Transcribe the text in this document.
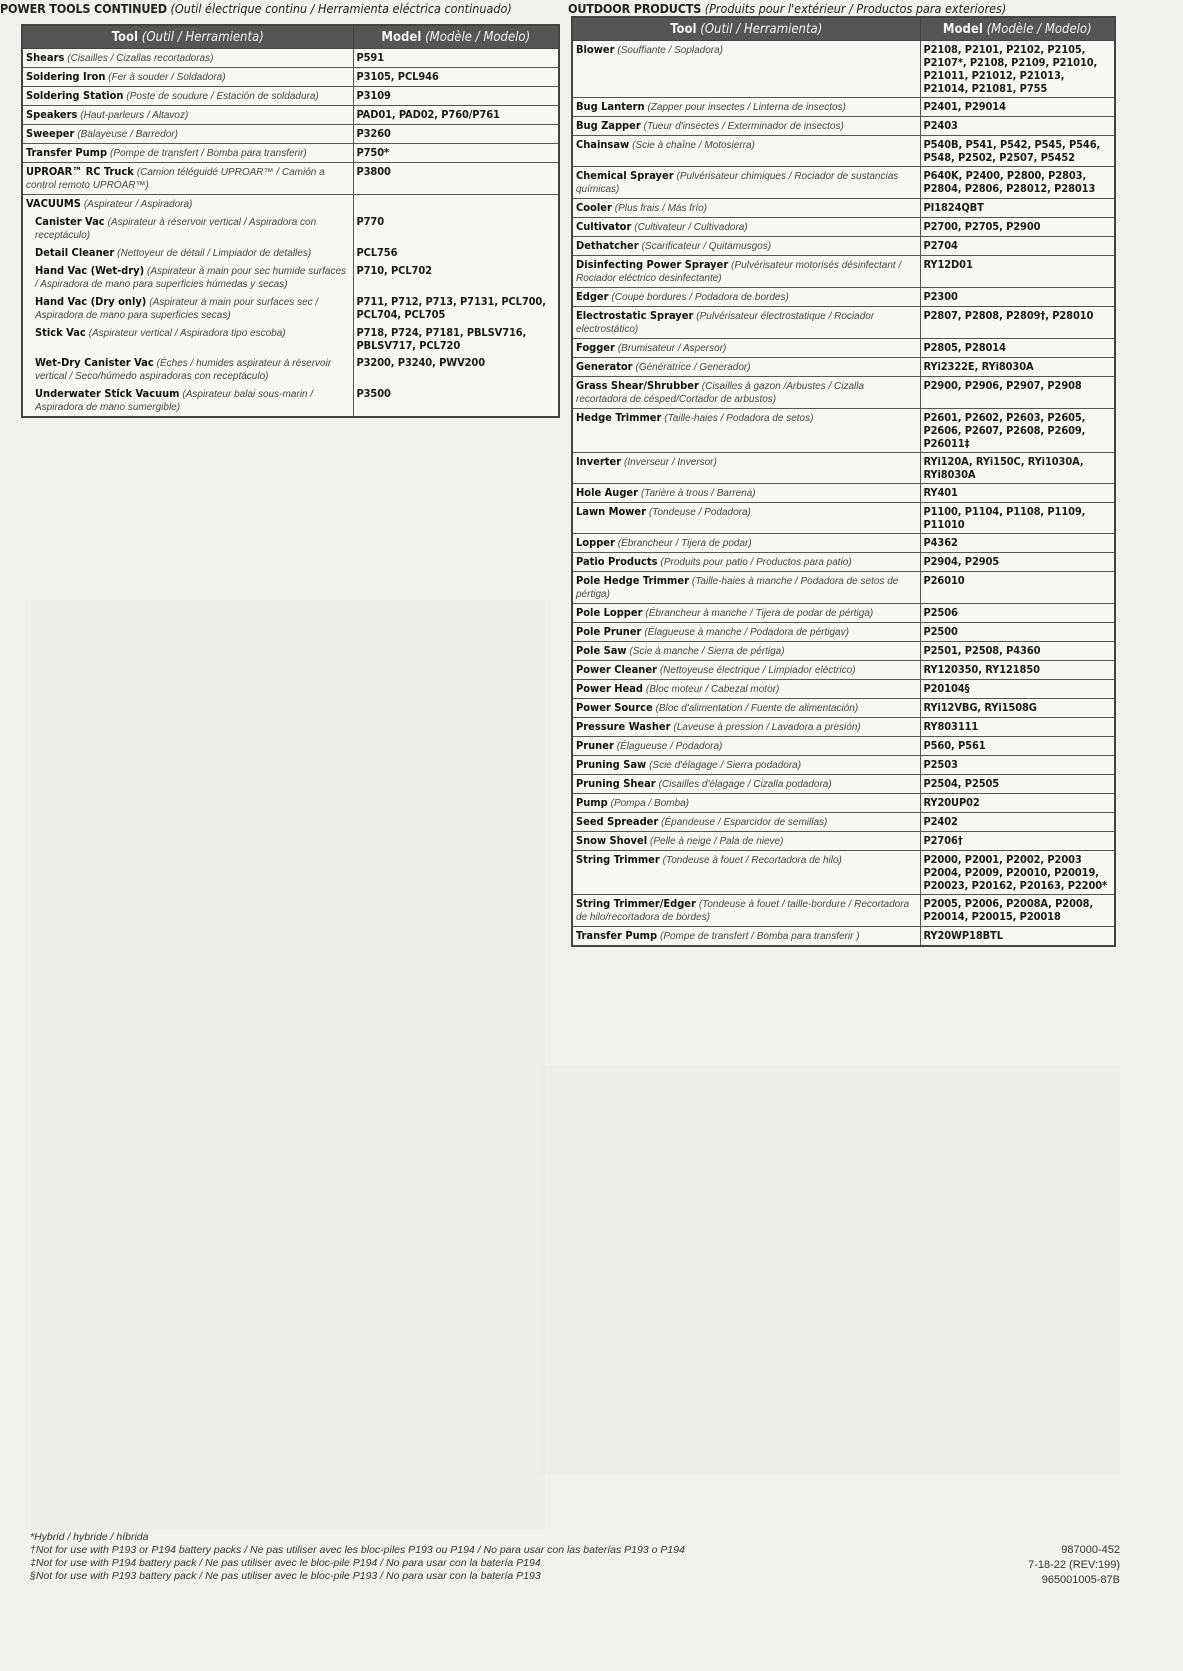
POWER TOOLS CONTINUED (Outil électrique continu / Herramienta eléctrica continuado)	OUTDOOR PRODUCTS (Produits pour l'extérieur / Productos para exteriores)
Tool (Outil / Herramienta)	Model (Modèle / Modelo)
Shears (Cisailles / Cizallas recortadoras)	P591
Soldering Iron (Fer à souder / Soldadora)	P3105, PCL946
Soldering Station (Poste de soudure / Estación de soldadura)	P3109
Speakers (Haut-parleurs / Altavoz)	PAD01, PAD02, P760/P761
Sweeper (Balayeuse / Barredor)	P3260
Transfer Pump (Pompe de transfert / Bomba para transferir)	P750*
UPROAR™ RC Truck (Camion téléguidé UPROAR™ / Camión a control remoto UPROAR™)	P3800
VACUUMS (Aspirateur / Aspiradora)	
Canister Vac (Aspirateur à réservoir vertical / Aspiradora con receptáculo)	P770
Detail Cleaner (Nettoyeur de détail / Limpiador de detalles)	PCL756
Hand Vac (Wet-dry) (Aspirateur à main pour sec humide surfaces / Aspiradora de mano para superficies húmedas y secas)	P710, PCL702
Hand Vac (Dry only) (Aspirateur à main pour surfaces sec / Aspiradora de mano para superficies secas)	P711, P712, P713, P7131, PCL700, PCL704, PCL705
Stick Vac (Aspirateur vertical / Aspiradora tipo escoba)	P718, P724, P7181, PBLSV716, PBLSV717, PCL720
Wet-Dry Canister Vac (Éches / humides aspirateur à réservoir vertical / Seco/húmedo aspiradoras con receptáculo)	P3200, P3240, PWV200
Underwater Stick Vacuum (Aspirateur balai sous-marin / Aspiradora de mano sumergible)	P3500
Tool (Outil / Herramienta)	Model (Modèle / Modelo)
Blower (Souffiante / Sopladora)	P2108, P2101, P2102, P2105, P2107*, P2108, P2109, P21010, P21011, P21012, P21013, P21014, P21081, P755
Bug Lantern (Zapper pour insectes / Linterna de insectos)	P2401, P29014
Bug Zapper (Tueur d'insectes / Exterminador de insectos)	P2403
Chainsaw (Scie à chaîne / Motosierra)	P540B, P541, P542, P545, P546, P548, P2502, P2507, P5452
Chemical Sprayer (Pulvérisateur chimiques / Rociador de sustancias químicas)	P640K, P2400, P2800, P2803, P2804, P2806, P28012, P28013
Cooler (Plus frais / Más frío)	PI1824QBT
Cultivator (Cultivateur / Cultivadora)	P2700, P2705, P2900
Dethatcher (Scarificateur / Quitamusgos)	P2704
Disinfecting Power Sprayer (Pulvérisateur motorisés désinfectant / Rociador eléctrico desinfectante)	RY12D01
Edger (Coupe bordures / Podadora de bordes)	P2300
Electrostatic Sprayer (Pulvérisateur électrostatique / Rociador electrostático)	P2807, P2808, P2809†, P28010
Fogger (Brumisateur / Aspersor)	P2805, P28014
Generator (Génératrice / Generador)	RYi2322E, RYi8030A
Grass Shear/Shrubber (Cisailles à gazon /Arbustes / Cizalla recortadora de césped/Cortador de arbustos)	P2900, P2906, P2907, P2908
Hedge Trimmer (Taille-haies / Podadora de setos)	P2601, P2602, P2603, P2605, P2606, P2607, P2608, P2609, P26011‡
Inverter (Inverseur / Inversor)	RYi120A, RYi150C, RYi1030A, RYi8030A
Hole Auger (Tarière à trous / Barrena)	RY401
Lawn Mower (Tondeuse / Podadora)	P1100, P1104, P1108, P1109, P11010
Lopper (Ébrancheur / Tijera de podar)	P4362
Patio Products (Produits pour patio / Productos para patio)	P2904, P2905
Pole Hedge Trimmer (Taille-haies à manche / Podadora de setos de pértiga)	P26010
Pole Lopper (Ébrancheur à manche / Tijera de podar de pértiga)	P2506
Pole Pruner (Élagueuse à manche / Podadora de pértigav)	P2500
Pole Saw (Scie à manche / Sierra de pértiga)	P2501, P2508, P4360
Power Cleaner (Nettoyeuse électrique / Limpiador eléctrico)	RY120350, RY121850
Power Head (Bloc moteur / Cabezal motor)	P20104§
Power Source (Bloc d'alimentation / Fuente de alimentación)	RYi12VBG, RYi1508G
Pressure Washer (Laveuse à pression / Lavadora a presión)	RY803111
Pruner (Élagueuse / Podadora)	P560, P561
Pruning Saw (Scie d'élagage / Sierra podadora)	P2503
Pruning Shear (Cisailles d'élagage / Cizalla podadora)	P2504, P2505
Pump (Pompa / Bomba)	RY20UP02
Seed Spreader (Épandeuse / Esparcidor de semillas)	P2402
Snow Shovel (Pelle à neige / Pala de nieve)	P2706†
String Trimmer (Tondeuse à fouet / Recortadora de hilo)	P2000, P2001, P2002, P2003 P2004, P2009, P20010, P20019, P20023, P20162, P20163, P2200*
String Trimmer/Edger (Tondeuse à fouet / taille-bordure / Recortadora de hilo/recortadora de bordes)	P2005, P2006, P2008A, P2008, P20014, P20015, P20018
Transfer Pump (Pompe de transfert / Bomba para transferir )	RY20WP18BTL
*Hybrid / hybride / híbrida
†Not for use with P193 or P194 battery packs / Ne pas utiliser avec les bloc-piles P193 ou P194 / No para usar con las baterías P193 o P194
‡Not for use with P194 battery pack / Ne pas utiliser avec le bloc-pile P194 / No para usar con la batería P194
§Not for use with P193 battery pack / Ne pas utiliser avec le bloc-pile P193 / No para usar con la batería P193
987000-452
7-18-22 (REV:199)
965001005-87B
